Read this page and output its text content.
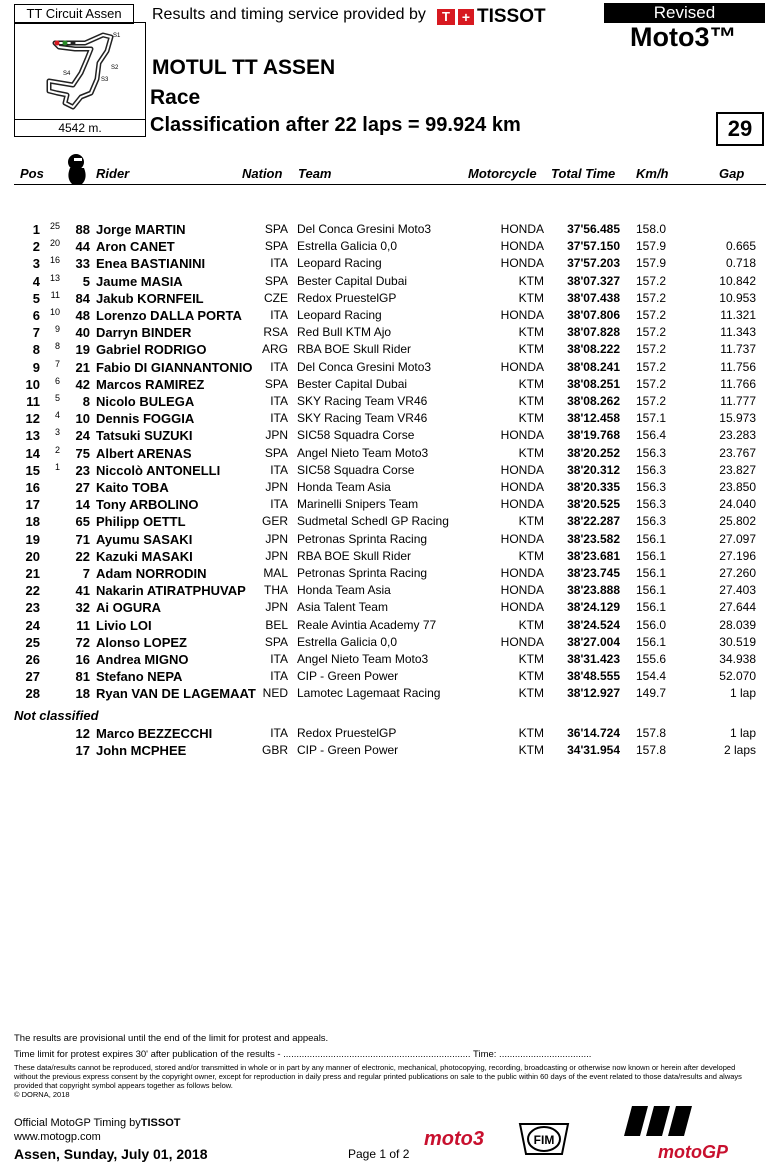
TT Circuit Assen
S1
S2
S3
S4
4542 m.
Results and timing service provided by	T + TISSOT	Revised
Moto3™
MOTUL TT ASSEN
Race
Classification after 22 laps = 99.924 km	29
Pos	Rider	Nation Team	Motorcycle Total Time Km/h	Gap
1	25	88 Jorge MARTIN	SPA Del Conca Gresini Moto3	HONDA	37'56.485	158.0
2	20	44 Aron CANET	SPA Estrella Galicia 0,0	HONDA	37'57.150	157.9	0.665
3	16	33 Enea BASTIANINI	ITA Leopard Racing	HONDA	37'57.203	157.9	0.718
4	13	5 Jaume MASIA	SPA Bester Capital Dubai	KTM	38'07.327	157.2	10.842
5	11	84 Jakub KORNFEIL	CZE Redox PruestelGP	KTM	38'07.438	157.2	10.953
6	10	48 Lorenzo DALLA PORTA	ITA Leopard Racing	HONDA	38'07.806	157.2	11.321
7	9	40 Darryn BINDER	RSA Red Bull KTM Ajo	KTM	38'07.828	157.2	11.343
8	8	19 Gabriel RODRIGO	ARG RBA BOE Skull Rider	KTM	38'08.222	157.2	11.737
9	7	21 Fabio DI GIANNANTONIO	ITA Del Conca Gresini Moto3	HONDA	38'08.241	157.2	11.756
10	6	42 Marcos RAMIREZ	SPA Bester Capital Dubai	KTM	38'08.251	157.2	11.766
11	5	8 Nicolo BULEGA	ITA SKY Racing Team VR46	KTM	38'08.262	157.2	11.777
12	4	10 Dennis FOGGIA	ITA SKY Racing Team VR46	KTM	38'12.458	157.1	15.973
13	3	24 Tatsuki SUZUKI	JPN SIC58 Squadra Corse	HONDA	38'19.768	156.4	23.283
14	2	75 Albert ARENAS	SPA Angel Nieto Team Moto3	KTM	38'20.252	156.3	23.767
15	1	23 Niccolò ANTONELLI	ITA SIC58 Squadra Corse	HONDA	38'20.312	156.3	23.827
16	27 Kaito TOBA	JPN Honda Team Asia	HONDA	38'20.335	156.3	23.850
17	14 Tony ARBOLINO	ITA Marinelli Snipers Team	HONDA	38'20.525	156.3	24.040
18	65 Philipp OETTL	GER Sudmetal Schedl GP Racing	KTM	38'22.287	156.3	25.802
19	71 Ayumu SASAKI	JPN Petronas Sprinta Racing	HONDA	38'23.582	156.1	27.097
20	22 Kazuki MASAKI	JPN RBA BOE Skull Rider	KTM	38'23.681	156.1	27.196
21	7 Adam NORRODIN	MAL Petronas Sprinta Racing	HONDA	38'23.745	156.1	27.260
22	41 Nakarin ATIRATPHUVAP	THA Honda Team Asia	HONDA	38'23.888	156.1	27.403
23	32 Ai OGURA	JPN Asia Talent Team	HONDA	38'24.129	156.1	27.644
24	11 Livio LOI	BEL Reale Avintia Academy 77	KTM	38'24.524	156.0	28.039
25	72 Alonso LOPEZ	SPA Estrella Galicia 0,0	HONDA	38'27.004	156.1	30.519
26	16 Andrea MIGNO	ITA Angel Nieto Team Moto3	KTM	38'31.423	155.6	34.938
27	81 Stefano NEPA	ITA CIP - Green Power	KTM	38'48.555	154.4	52.070
28	18 Ryan VAN DE LAGEMAAT NED Lamotec Lagemaat Racing	KTM	38'12.927	149.7	1 lap
Not classified
12 Marco BEZZECCHI	ITA Redox PruestelGP	KTM	36'14.724	157.8	1 lap
17 John MCPHEE	GBR CIP - Green Power	KTM	34'31.954	157.8	2 laps
The results are provisional until the end of the limit for protest and appeals.
Time limit for protest expires 30' after publication of the results - ....................................................................... Time: ...................................
These data/results cannot be reproduced, stored and/or transmitted in whole or in part by any manner of electronic, mechanical, photocopying, recording, broadcasting or otherwise now known or herein after developed without the previous express consent by the copyright owner, except for reproduction in daily press and regular printed publications on sale to the public within 60 days of the event related to those data/results and always provided that copyright symbol appears together as follows below.
© DORNA, 2018
Official MotoGP Timing byTISSOT
www.motogp.com
Assen, Sunday, July 01, 2018	Page 1 of 2
moto3	FIM
motoGP
